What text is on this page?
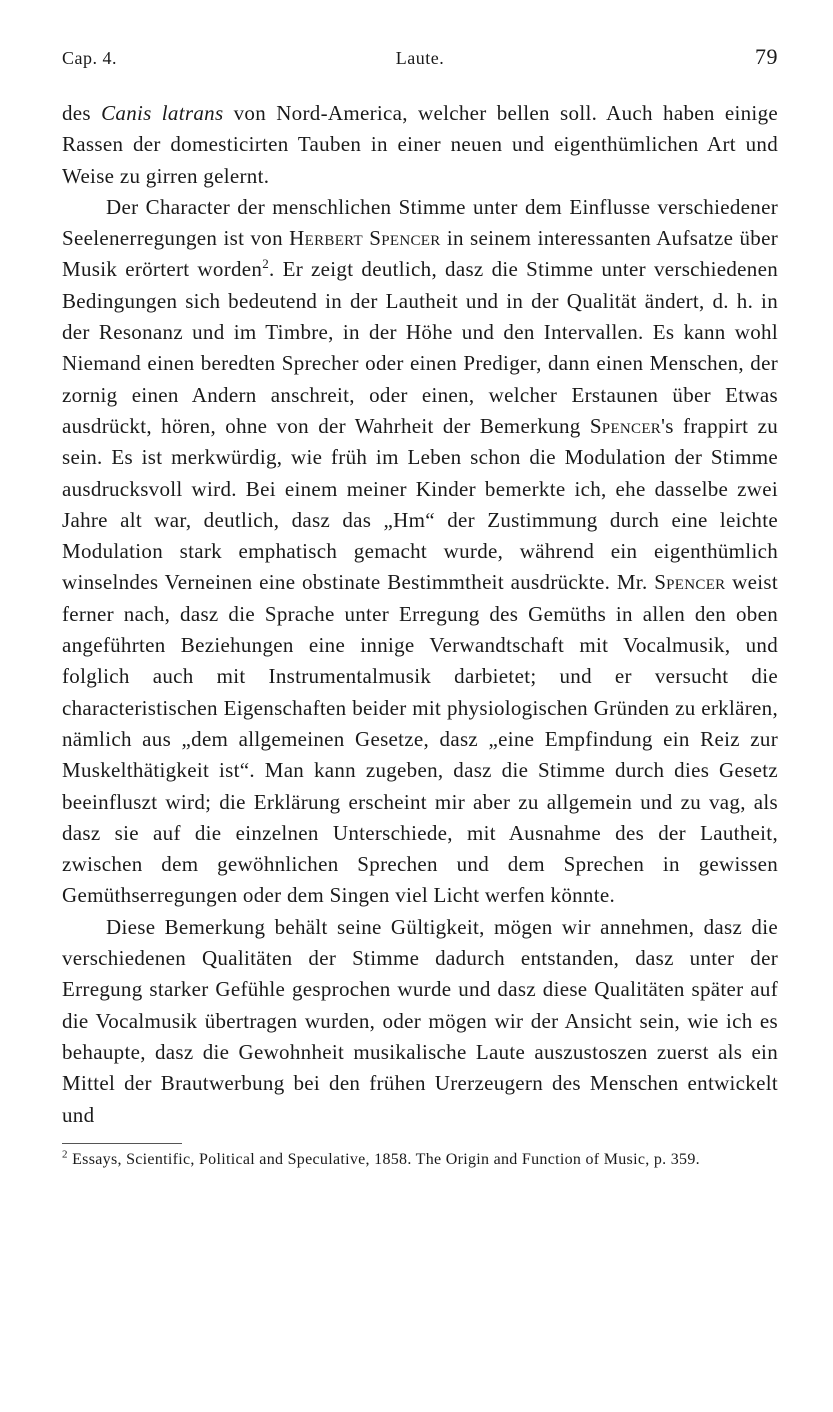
Cap. 4.	Laute.	79

des Canis latrans von Nord-America, welcher bellen soll. Auch haben einige Rassen der domesticirten Tauben in einer neuen und eigenthümlichen Art und Weise zu girren gelernt.

Der Character der menschlichen Stimme unter dem Einflusse verschiedener Seelenerregungen ist von Herbert Spencer in seinem interessanten Aufsatze über Musik erörtert worden$^2$. Er zeigt deutlich, dasz die Stimme unter verschiedenen Bedingungen sich bedeutend in der Lautheit und in der Qualität ändert, d. h. in der Resonanz und im Timbre, in der Höhe und den Intervallen. Es kann wohl Niemand einen beredten Sprecher oder einen Prediger, dann einen Menschen, der zornig einen Andern anschreit, oder einen, welcher Erstaunen über Etwas ausdrückt, hören, ohne von der Wahrheit der Bemerkung Spencer's frappirt zu sein. Es ist merkwürdig, wie früh im Leben schon die Modulation der Stimme ausdrucksvoll wird. Bei einem meiner Kinder bemerkte ich, ehe dasselbe zwei Jahre alt war, deutlich, dasz das „Hm“ der Zustimmung durch eine leichte Modulation stark emphatisch gemacht wurde, während ein eigenthümlich winselndes Verneinen eine obstinate Bestimmtheit ausdrückte. Mr. Spencer weist ferner nach, dasz die Sprache unter Erregung des Gemüths in allen den oben angeführten Beziehungen eine innige Verwandtschaft mit Vocalmusik, und folglich auch mit Instrumentalmusik darbietet; und er versucht die characteristischen Eigenschaften beider mit physiologischen Gründen zu erklären, nämlich aus „dem allgemeinen Gesetze, dasz „eine Empfindung ein Reiz zur Muskelthätigkeit ist“. Man kann zugeben, dasz die Stimme durch dies Gesetz beeinfluszt wird; die Erklärung erscheint mir aber zu allgemein und zu vag, als dasz sie auf die einzelnen Unterschiede, mit Ausnahme des der Lautheit, zwischen dem gewöhnlichen Sprechen und dem Sprechen in gewissen Gemüthserregungen oder dem Singen viel Licht werfen könnte.

Diese Bemerkung behält seine Gültigkeit, mögen wir annehmen, dasz die verschiedenen Qualitäten der Stimme dadurch entstanden, dasz unter der Erregung starker Gefühle gesprochen wurde und dasz diese Qualitäten später auf die Vocalmusik übertragen wurden, oder mögen wir der Ansicht sein, wie ich es behaupte, dasz die Gewohnheit musikalische Laute auszustoszen zuerst als ein Mittel der Brautwerbung bei den frühen Urerzeugern des Menschen entwickelt und

$^2$ Essays, Scientific, Political and Speculative, 1858. The Origin and Function of Music, p. 359.
